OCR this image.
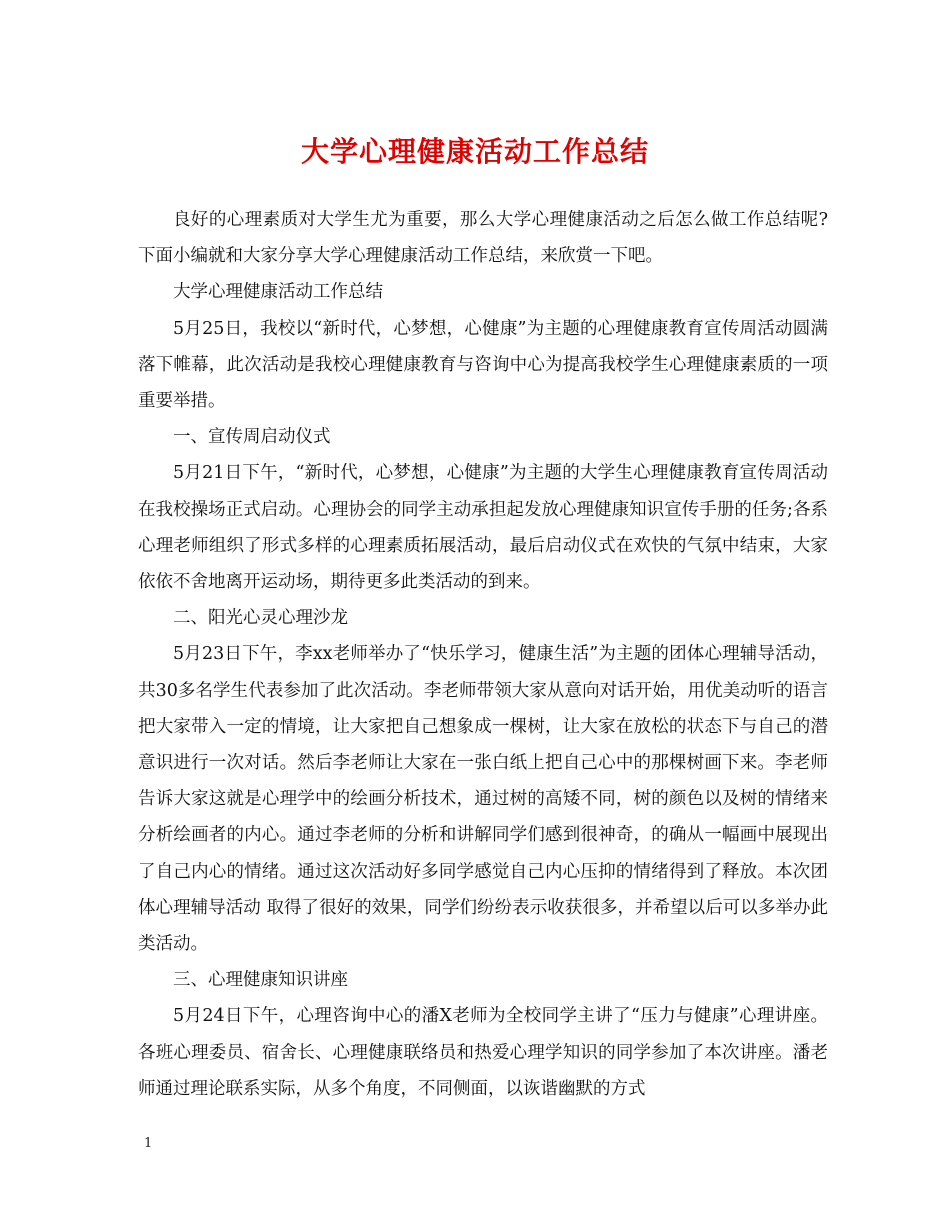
大学心理健康活动工作总结

良好的心理素质对大学生尤为重要，那么大学心理健康活动之后怎么做工作总结呢?下面小编就和大家分享大学心理健康活动工作总结，来欣赏一下吧。

大学心理健康活动工作总结

5月25日，我校以“新时代，心梦想，心健康”为主题的心理健康教育宣传周活动圆满落下帷幕，此次活动是我校心理健康教育与咨询中心为提高我校学生心理健康素质的一项重要举措。

一、宣传周启动仪式

5月21日下午，“新时代，心梦想，心健康”为主题的大学生心理健康教育宣传周活动在我校操场正式启动。心理协会的同学主动承担起发放心理健康知识宣传手册的任务;各系心理老师组织了形式多样的心理素质拓展活动，最后启动仪式在欢快的气氛中结束，大家依依不舍地离开运动场，期待更多此类活动的到来。

二、阳光心灵心理沙龙

5月23日下午，李xx老师举办了“快乐学习，健康生活”为主题的团体心理辅导活动，共30多名学生代表参加了此次活动。李老师带领大家从意向对话开始，用优美动听的语言把大家带入一定的情境，让大家把自己想象成一棵树，让大家在放松的状态下与自己的潜意识进行一次对话。然后李老师让大家在一张白纸上把自己心中的那棵树画下来。李老师告诉大家这就是心理学中的绘画分析技术，通过树的高矮不同，树的颜色以及树的情绪来分析绘画者的内心。通过李老师的分析和讲解同学们感到很神奇，的确从一幅画中展现出了自己内心的情绪。通过这次活动好多同学感觉自己内心压抑的情绪得到了释放。本次团体心理辅导活动 取得了很好的效果，同学们纷纷表示收获很多，并希望以后可以多举办此类活动。

三、心理健康知识讲座

5月24日下午，心理咨询中心的潘X老师为全校同学主讲了“压力与健康”心理讲座。各班心理委员、宿舍长、心理健康联络员和热爱心理学知识的同学参加了本次讲座。潘老师通过理论联系实际，从多个角度，不同侧面，以诙谐幽默的方式

1
